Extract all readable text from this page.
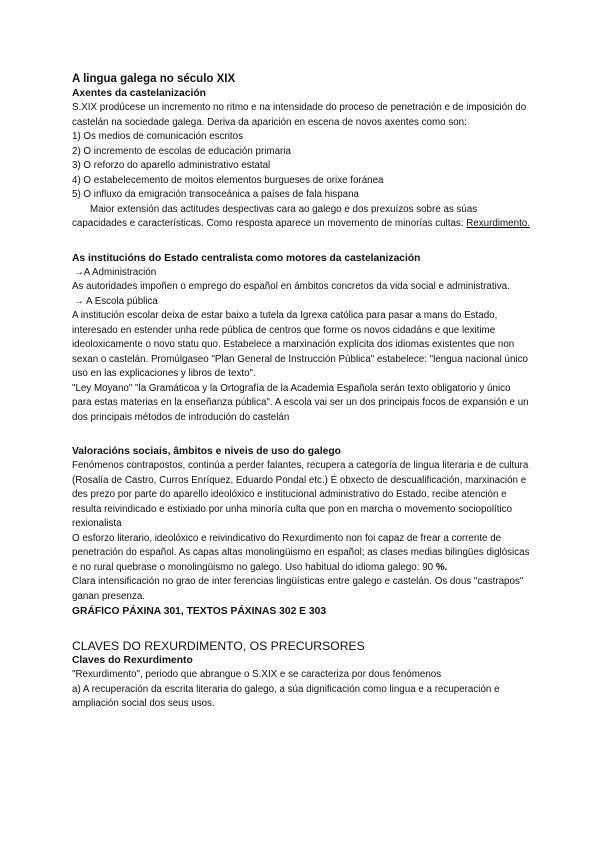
A lingua galega no século XIX

Axentes da castelanización

S.XIX prodúcese un incremento no ritmo e na intensidade do proceso de penetración e de imposición do castelán na sociedade galega. Deriva da aparición en escena de novos axentes como son:

1) Os medios de comunicación escritos
2) O incremento de escolas de educación primaria
3) O reforzo do aparello administrativo estatal
4) O estabelecemento de moitos elementos burgueses de orixe foránea
5) O influxo da emigración transoceánica a países de fala hispana

Maior extensión das actitudes despectivas cara ao galego e dos prexuízos sobre as súas capacidades e características. Como resposta aparece un movemento de minorías cultas: Rexurdimento.

As institucións do Estado centralista como motores da castelanización

→A Administración

As autoridades impoñen o emprego do español en ámbitos concretos da vida social e administrativa.

→ A Escola pública

A institución escolar deixa de estar baixo a tutela da Igrexa católica para pasar a mans do Estado, interesado en estender unha rede pública de centros que forme os novos cidadáns e que lexitime ideoloxicamente o novo statu quo. Estabelece a marxinación explícita dos idiomas existentes que non sexan o castelán. Promúlgaseo "Plan General de Instrucción Pública" estabelece: "lengua nacional único uso en las explicaciones y libros de texto".

"Ley Moyano" "la Gramáticoa y la Ortografía de la Academia Española serán texto obligatorio y único para estas materias en la enseñanza pública". A escola vai ser un dos principais focos de expansión e un dos principais métodos de introdución do castelán

Valoracións sociais, âmbitos e niveis de uso do galego

Fenómenos contrapostos, continúa a perder falantes, recupera a categoría de lingua literaria e de cultura (Rosalía de Castro, Curros Enríquez, Eduardo Pondal etc.) É obxecto de descualificación, marxinación e des prezo por parte do aparello ideolóxico e institucional administrativo do Estado, recibe atención e resulta reivindicado e estixiado por unha minoría culta que pon en marcha o movemento sociopolítico rexionalista

O esforzo literario, ideolóxico e reivindicativo do Rexurdimento non foi capaz de frear a corrente de penetración do español. As capas altas monolingüismo en español; as clases medias bilingües diglósicas e no rural quebrase o monolingüismo no galego. Uso habitual do idioma galego: 90 %.

Clara intensificación no grao de inter ferencias lingüísticas entre galego e castelán. Os dous "castrapos" ganan presenza.

GRÁFICO PÁXINA 301, TEXTOS PÁXINAS 302 E 303

CLAVES DO REXURDIMENTO, OS PRECURSORES

Claves do Rexurdimento

"Rexurdimento", periodo que abrangue o S.XIX e se caracteriza por dous fenómenos

a) A recuperación da escrita literaria do galego, a súa dignificación como lingua e a recuperación e ampliación social dos seus usos.
